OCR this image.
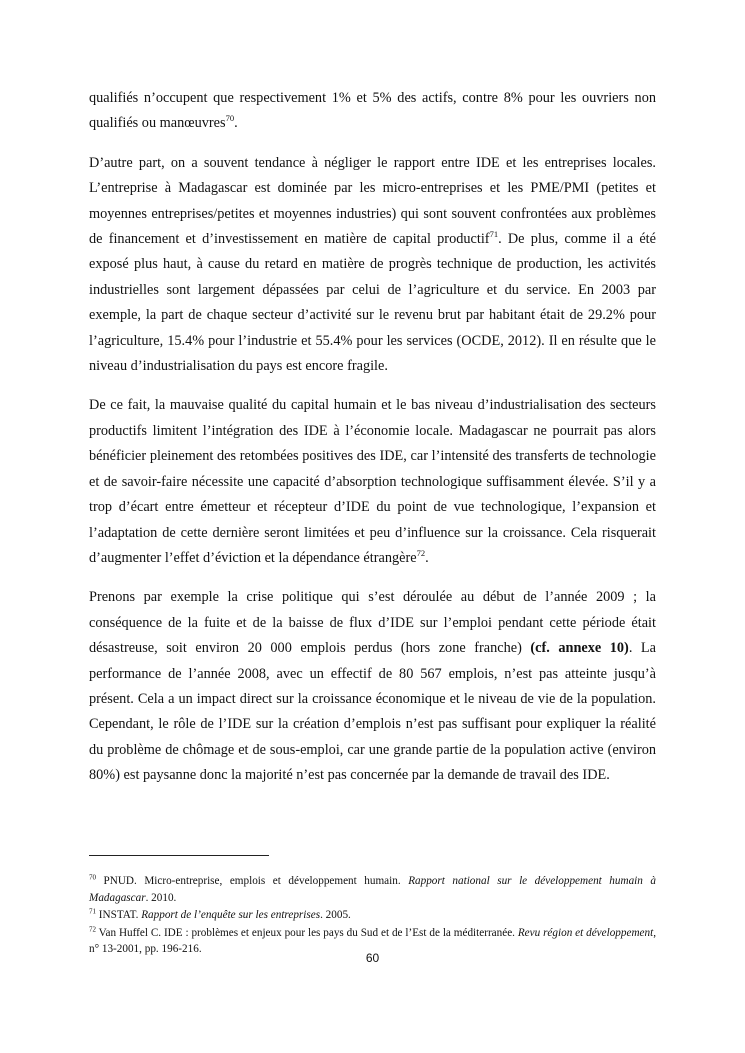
qualifiés n’occupent que respectivement 1% et 5% des actifs, contre 8% pour les ouvriers non qualifiés ou manœuvres$^{70}$.

D’autre part, on a souvent tendance à négliger le rapport entre IDE et les entreprises locales. L’entreprise à Madagascar est dominée par les micro-entreprises et les PME/PMI (petites et moyennes entreprises/petites et moyennes industries) qui sont souvent confrontées aux problèmes de financement et d’investissement en matière de capital productif$^{71}$. De plus, comme il a été exposé plus haut, à cause du retard en matière de progrès technique de production, les activités industrielles sont largement dépassées par celui de l’agriculture et du service. En 2003 par exemple, la part de chaque secteur d’activité sur le revenu brut par habitant était de 29.2% pour l’agriculture, 15.4% pour l’industrie et 55.4% pour les services (OCDE, 2012). Il en résulte que le niveau d’industrialisation du pays est encore fragile.

De ce fait, la mauvaise qualité du capital humain et le bas niveau d’industrialisation des secteurs productifs limitent l’intégration des IDE à l’économie locale. Madagascar ne pourrait pas alors bénéficier pleinement des retombées positives des IDE, car l’intensité des transferts de technologie et de savoir-faire nécessite une capacité d’absorption technologique suffisamment élevée. S’il y a trop d’écart entre émetteur et récepteur d’IDE du point de vue technologique, l’expansion et l’adaptation de cette dernière seront limitées et peu d’influence sur la croissance. Cela risquerait d’augmenter l’effet d’éviction et la dépendance étrangère$^{72}$.

Prenons par exemple la crise politique qui s’est déroulée au début de l’année 2009 ; la conséquence de la fuite et de la baisse de flux d’IDE sur l’emploi pendant cette période était désastreuse, soit environ 20 000 emplois perdus (hors zone franche) (cf. annexe 10). La performance de l’année 2008, avec un effectif de 80 567 emplois, n’est pas atteinte jusqu’à présent. Cela a un impact direct sur la croissance économique et le niveau de vie de la population. Cependant, le rôle de l’IDE sur la création d’emplois n’est pas suffisant pour expliquer la réalité du problème de chômage et de sous-emploi, car une grande partie de la population active (environ 80%) est paysanne donc la majorité n’est pas concernée par la demande de travail des IDE.

$^{70}$ PNUD. Micro-entreprise, emplois et développement humain. Rapport national sur le développement humain à Madagascar. 2010.

$^{71}$ INSTAT. Rapport de l’enquête sur les entreprises. 2005.

$^{72}$ Van Huffel C. IDE : problèmes et enjeux pour les pays du Sud et de l’Est de la méditerranée. Revu région et développement, n° 13-2001, pp. 196-216.

60
